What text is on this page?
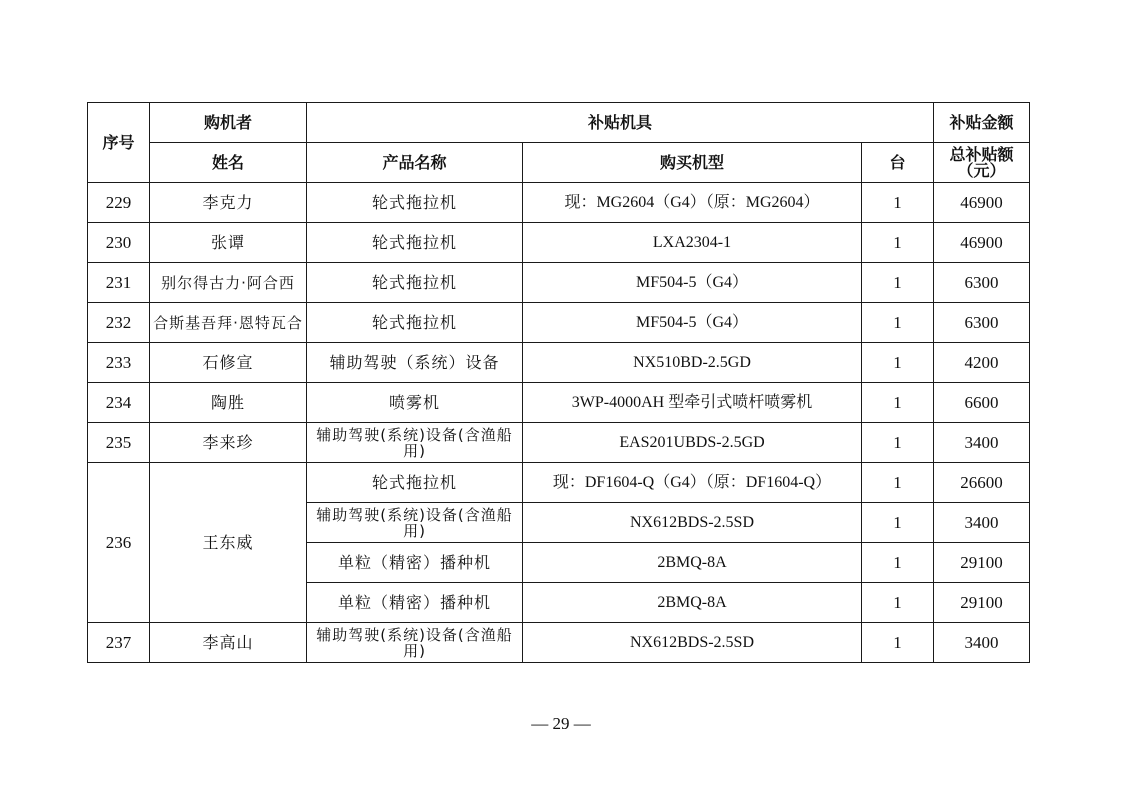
序号	购机者	补贴机具			补贴金额
	姓名	产品名称	购买机型	台	总补贴额（元）
229	李克力	轮式拖拉机	现：MG2604（G4）（原：MG2604）	1	46900
230	张谭	轮式拖拉机	LXA2304-1	1	46900
231	别尔得古力·阿合西	轮式拖拉机	MF504-5（G4）	1	6300
232	合斯基吾拜·恩特瓦合	轮式拖拉机	MF504-5（G4）	1	6300
233	石修宣	辅助驾驶（系统）设备	NX510BD-2.5GD	1	4200
234	陶胜	喷雾机	3WP-4000AH 型牵引式喷杆喷雾机	1	6600
235	李来珍	辅助驾驶(系统)设备(含渔船用)	EAS201UBDS-2.5GD	1	3400
236	王东威	轮式拖拉机	现：DF1604-Q（G4）（原：DF1604-Q）	1	26600
		辅助驾驶(系统)设备(含渔船用)	NX612BDS-2.5SD	1	3400
		单粒（精密）播种机	2BMQ-8A	1	29100
		单粒（精密）播种机	2BMQ-8A	1	29100
237	李高山	辅助驾驶(系统)设备(含渔船用)	NX612BDS-2.5SD	1	3400
— 29 —
